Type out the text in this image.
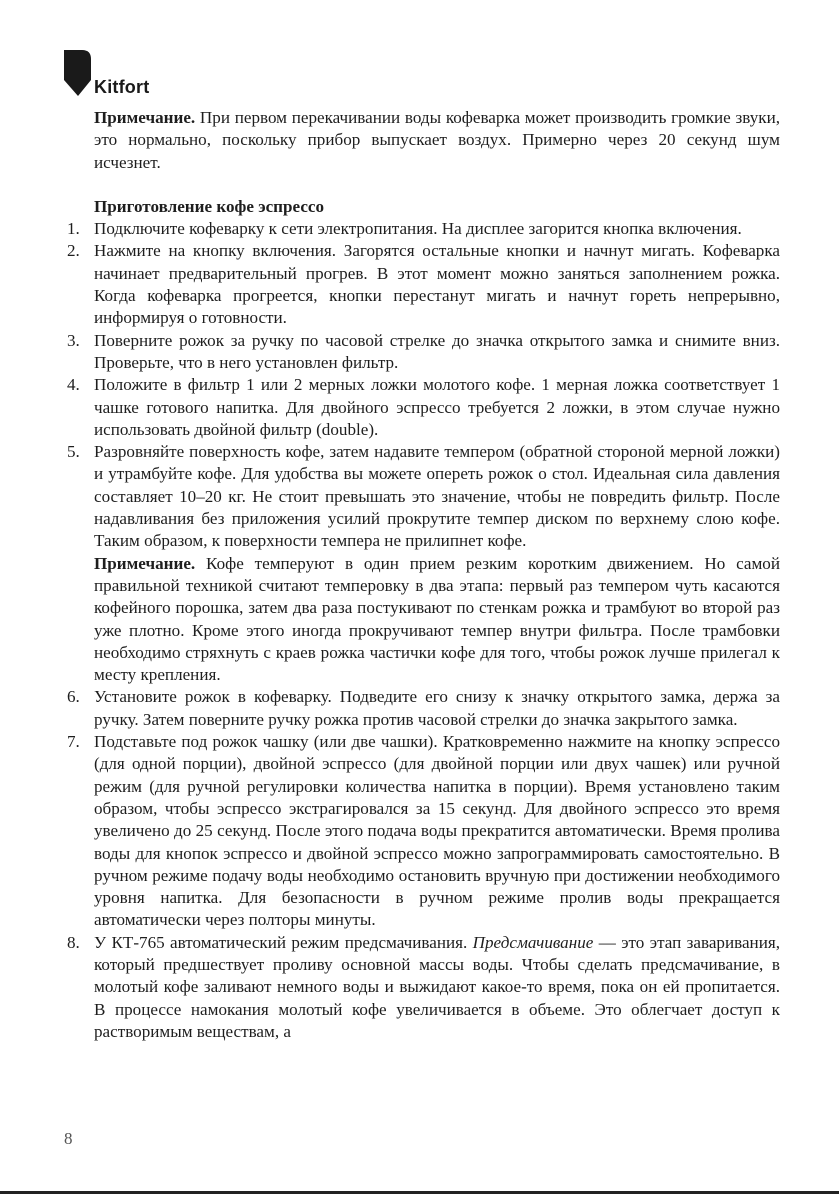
Kitfort

Примечание. При первом перекачивании воды кофеварка может производить громкие звуки, это нормально, поскольку прибор выпускает воздух. Примерно через 20 секунд шум исчезнет.

Приготовление кофе эспрессо

1. Подключите кофеварку к сети электропитания. На дисплее загорится кнопка включения.
2. Нажмите на кнопку включения. Загорятся остальные кнопки и начнут мигать. Кофеварка начинает предварительный прогрев. В этот момент можно заняться заполнением рожка. Когда кофеварка прогреется, кнопки перестанут мигать и начнут гореть непрерывно, информируя о готовности.
3. Поверните рожок за ручку по часовой стрелке до значка открытого замка и снимите вниз. Проверьте, что в него установлен фильтр.
4. Положите в фильтр 1 или 2 мерных ложки молотого кофе. 1 мерная ложка соответствует 1 чашке готового напитка. Для двойного эспрессо требуется 2 ложки, в этом случае нужно использовать двойной фильтр (double).
5. Разровняйте поверхность кофе, затем надавите темпером (обратной стороной мерной ложки) и утрамбуйте кофе. Для удобства вы можете опереть рожок о стол. Идеальная сила давления составляет 10–20 кг. Не стоит превышать это значение, чтобы не повредить фильтр. После надавливания без приложения усилий прокрутите темпер диском по верхнему слою кофе. Таким образом, к поверхности темпера не прилипнет кофе.

Примечание. Кофе темперуют в один прием резким коротким движением. Но самой правильной техникой считают темперовку в два этапа: первый раз темпером чуть касаются кофейного порошка, затем два раза постукивают по стенкам рожка и трамбуют во второй раз уже плотно. Кроме этого иногда прокручивают темпер внутри фильтра. После трамбовки необходимо стряхнуть с краев рожка частички кофе для того, чтобы рожок лучше прилегал к месту крепления.

6. Установите рожок в кофеварку. Подведите его снизу к значку открытого замка, держа за ручку. Затем поверните ручку рожка против часовой стрелки до значка закрытого замка.
7. Подставьте под рожок чашку (или две чашки). Кратковременно нажмите на кнопку эспрессо (для одной порции), двойной эспрессо (для двойной порции или двух чашек) или ручной режим (для ручной регулировки количества напитка в порции). Время установлено таким образом, чтобы эспрессо экстрагировался за 15 секунд. Для двойного эспрессо это время увеличено до 25 секунд. После этого подача воды прекратится автоматически. Время пролива воды для кнопок эспрессо и двойной эспрессо можно запрограммировать самостоятельно. В ручном режиме подачу воды необходимо остановить вручную при достижении необходимого уровня напитка. Для безопасности в ручном режиме пролив воды прекращается автоматически через полторы минуты.
8. У КТ-765 автоматический режим предсмачивания. Предсмачивание — это этап заваривания, который предшествует проливу основной массы воды. Чтобы сделать предсмачивание, в молотый кофе заливают немного воды и выжидают какое-то время, пока он ей пропитается. В процессе намокания молотый кофе увеличивается в объеме. Это облегчает доступ к растворимым веществам, а
8
